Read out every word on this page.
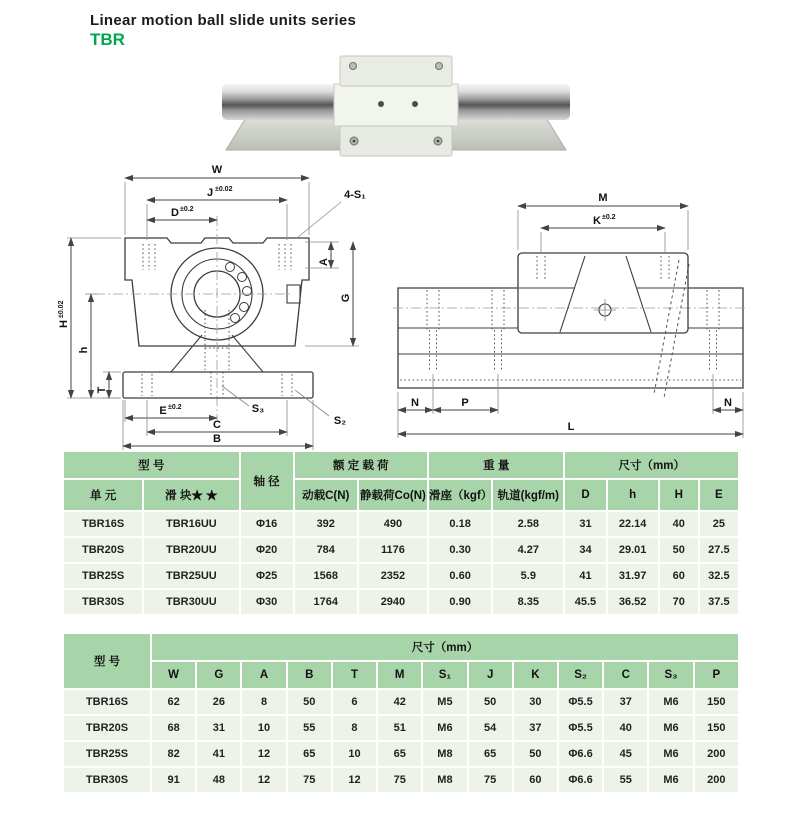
Linear motion ball slide units series
TBR
W
J ±0.02
D ±0.2
4-S₁
A
G
H
±0.02
h
T
E ±0.2	S₃
C
B
S₂
M
K ±0.2
N	P	N
L
型 号		轴 径	额 定 载 荷		重 量		尺寸（mm）			
单 元	滑 块★ ★		动载C(N)	静载荷Co(N)	滑座（kgf）	轨道(kgf/m)	D	h	H	E
TBR16S	TBR16UU	Φ16	392	490	0.18	2.58	31	22.14	40	25
TBR20S	TBR20UU	Φ20	784	1176	0.30	4.27	34	29.01	50	27.5
TBR25S	TBR25UU	Φ25	1568	2352	0.60	5.9	41	31.97	60	32.5
TBR30S	TBR30UU	Φ30	1764	2940	0.90	8.35	45.5	36.52	70	37.5
型 号	尺寸（mm）												
	W	G	A	B	T	M	S₁	J	K	S₂	C	S₃	P
TBR16S	62	26	8	50	6	42	M5	50	30	Φ5.5	37	M6	150
TBR20S	68	31	10	55	8	51	M6	54	37	Φ5.5	40	M6	150
TBR25S	82	41	12	65	10	65	M8	65	50	Φ6.6	45	M6	200
TBR30S	91	48	12	75	12	75	M8	75	60	Φ6.6	55	M6	200
